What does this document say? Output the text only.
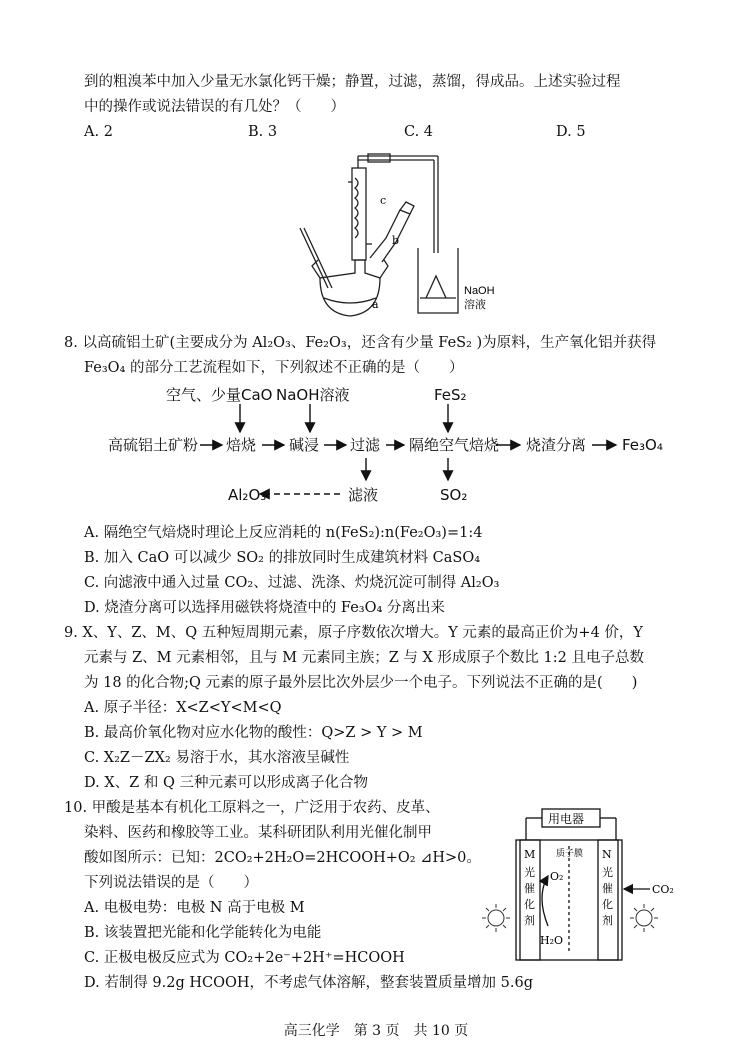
到的粗溴苯中加入少量无水氯化钙干燥；静置，过滤，蒸馏，得成品。上述实验过程
中的操作或说法错误的有几处？（　　）
A. 2	B. 3	C. 4	D. 5
c
b
a
NaOH
溶液
8. 以高硫铝土矿(主要成分为 Al₂O₃、Fe₂O₃，还含有少量 FeS₂ )为原料，生产氧化铝并获得
Fe₃O₄ 的部分工艺流程如下，下列叙述不正确的是（　　）
空气、少量CaO NaOH溶液	FeS₂
高硫铝土矿粉 焙烧 碱浸 过滤 隔绝空气焙烧 烧渣分离 Fe₃O₄
滤液
Al₂O₃	SO₂
A. 隔绝空气焙烧时理论上反应消耗的 n(FeS₂):n(Fe₂O₃)=1:4
B. 加入 CaO 可以减少 SO₂ 的排放同时生成建筑材料 CaSO₄
C. 向滤液中通入过量 CO₂、过滤、洗涤、灼烧沉淀可制得 Al₂O₃
D. 烧渣分离可以选择用磁铁将烧渣中的 Fe₃O₄ 分离出来
9. X、Y、Z、M、Q 五种短周期元素，原子序数依次增大。Y 元素的最高正价为+4 价，Y
元素与 Z、M 元素相邻，且与 M 元素同主族；Z 与 X 形成原子个数比 1:2 且电子总数
为 18 的化合物;Q 元素的原子最外层比次外层少一个电子。下列说法不正确的是(　　)
A. 原子半径：X<Z<Y<M<Q
B. 最高价氧化物对应水化物的酸性：Q>Z > Y > M
C. X₂Z－ZX₂ 易溶于水，其水溶液呈碱性
D. X、Z 和 Q 三种元素可以形成离子化合物
10. 甲酸是基本有机化工原料之一，广泛用于农药、皮革、
染料、医药和橡胶等工业。某科研团队利用光催化制甲
酸如图所示：已知：2CO₂+2H₂O=2HCOOH+O₂ ⊿H>0。
下列说法错误的是（　　）
A. 电极电势：电极 N 高于电极 M
B. 该装置把光能和化学能转化为电能
C. 正极电极反应式为 CO₂+2e⁻+2H⁺=HCOOH
D. 若制得 9.2g HCOOH，不考虑气体溶解，整套装置质量增加 5.6g
用电器
质子膜
M
光
催
化
剂
N
光
催
化
剂
O₂
H₂O
CO₂
高三化学　第 3 页　共 10 页
